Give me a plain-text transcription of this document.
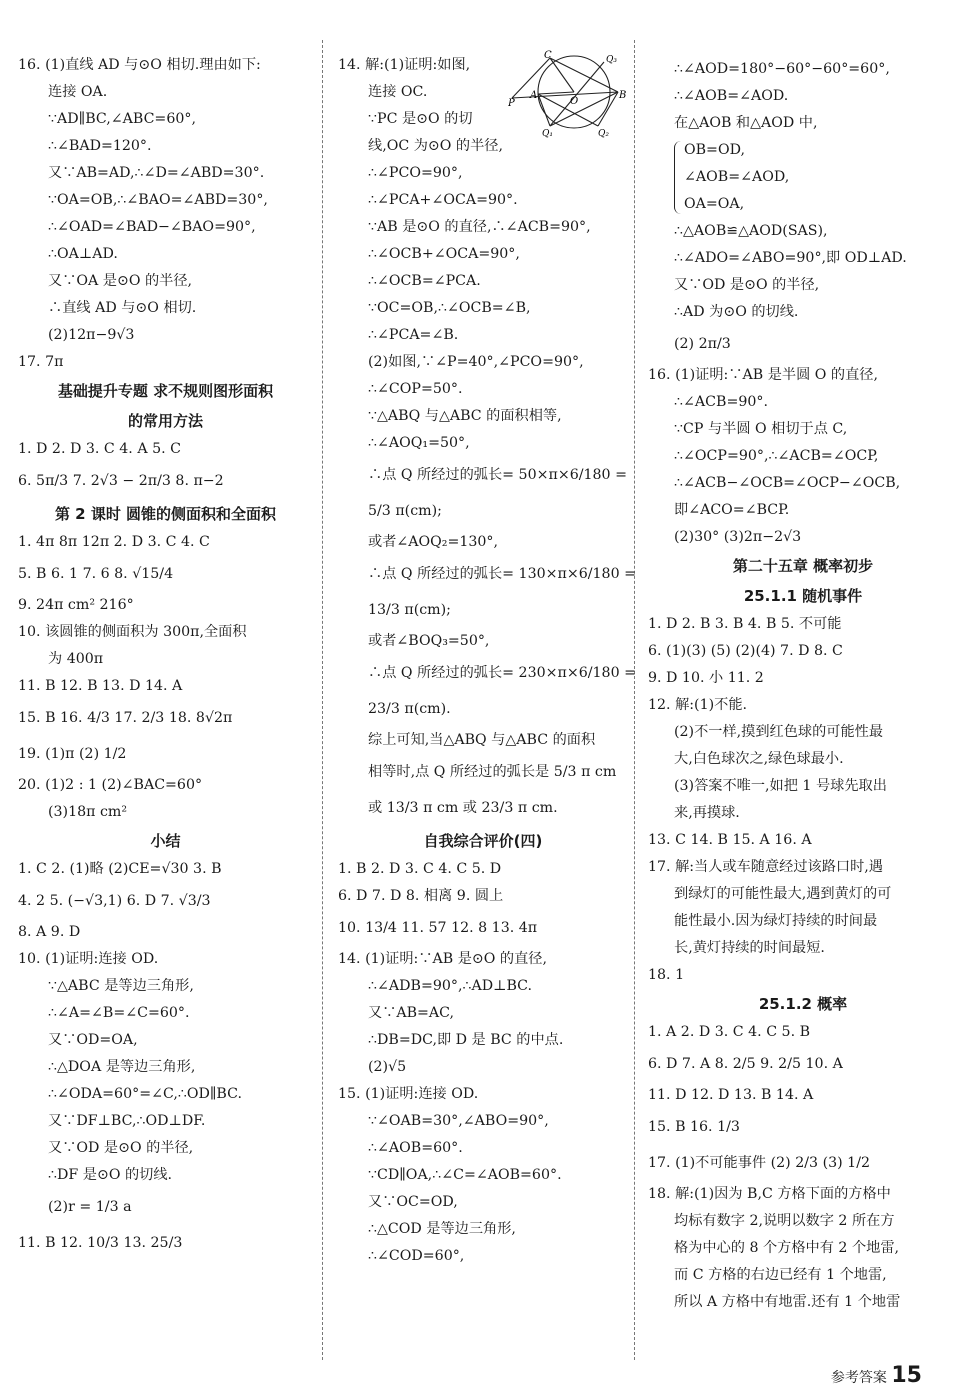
16. (1)直线 AD 与⊙O 相切.理由如下:
连接 OA.
∵AD∥BC,∠ABC=60°,
∴∠BAD=120°.
又∵AB=AD,∴∠D=∠ABD=30°.
∵OA=OB,∴∠BAO=∠ABD=30°,
∴∠OAD=∠BAD−∠BAO=90°,
∴OA⊥AD.
又∵OA 是⊙O 的半径,
∴直线 AD 与⊙O 相切.
(2)12π−9√3
17. 7π
基础提升专题 求不规则图形面积
的常用方法
1. D 2. D 3. C 4. A 5. C
6. 5π/3 7. 2√3 − 2π/3 8. π−2
第 2 课时 圆锥的侧面积和全面积
1. 4π 8π 12π 2. D 3. C 4. C
5. B 6. 1 7. 6 8. √15/4
9. 24π cm² 216°
10. 该圆锥的侧面积为 300π,全面积
为 400π
11. B 12. B 13. D 14. A
15. B 16. 4/3 17. 2/3 18. 8√2π
19. (1)π (2) 1/2
20. (1)2 : 1 (2)∠BAC=60°
(3)18π cm²
小结
1. C 2. (1)略 (2)CE=√30 3. B
4. 2 5. (−√3,1) 6. D 7. √3/3
8. A 9. D
10. (1)证明:连接 OD.
∵△ABC 是等边三角形,
∴∠A=∠B=∠C=60°.
又∵OD=OA,
∴△DOA 是等边三角形,
∴∠ODA=60°=∠C,∴OD∥BC.
又∵DF⊥BC,∴OD⊥DF.
又∵OD 是⊙O 的半径,
∴DF 是⊙O 的切线.
(2)r = 1/3 a
11. B 12. 10/3 13. 25/3
C	Q₃
P
A
O
B
Q₁	Q₂
14. 解:(1)证明:如图,
连接 OC.
∵PC 是⊙O 的切
线,OC 为⊙O 的半径,
∴∠PCO=90°,
∴∠PCA+∠OCA=90°.
∵AB 是⊙O 的直径,∴∠ACB=90°,
∴∠OCB+∠OCA=90°,
∴∠OCB=∠PCA.
∵OC=OB,∴∠OCB=∠B,
∴∠PCA=∠B.
(2)如图,∵∠P=40°,∠PCO=90°,
∴∠COP=50°.
∵△ABQ 与△ABC 的面积相等,
∴∠AOQ₁=50°,
∴点 Q 所经过的弧长= 50×π×6/180 =
5/3 π(cm);
或者∠AOQ₂=130°,
∴点 Q 所经过的弧长= 130×π×6/180 =
13/3 π(cm);
或者∠BOQ₃=50°,
∴点 Q 所经过的弧长= 230×π×6/180 =
23/3 π(cm).
综上可知,当△ABQ 与△ABC 的面积
相等时,点 Q 所经过的弧长是 5/3 π cm
或 13/3 π cm 或 23/3 π cm.
自我综合评价(四)
1. B 2. D 3. C 4. C 5. D
6. D 7. D 8. 相离 9. 圆上
10. 13/4 11. 57 12. 8 13. 4π
14. (1)证明:∵AB 是⊙O 的直径,
∴∠ADB=90°,∴AD⊥BC.
又∵AB=AC,
∴DB=DC,即 D 是 BC 的中点.
(2)√5
15. (1)证明:连接 OD.
∵∠OAB=30°,∠ABO=90°,
∴∠AOB=60°.
∵CD∥OA,∴∠C=∠AOB=60°.
又∵OC=OD,
∴△COD 是等边三角形,
∴∠COD=60°,
∴∠AOD=180°−60°−60°=60°,
∴∠AOB=∠AOD.
在△AOB 和△AOD 中,
OB=OD,
∠AOB=∠AOD,
OA=OA,
∴△AOB≌△AOD(SAS),
∴∠ADO=∠ABO=90°,即 OD⊥AD.
又∵OD 是⊙O 的半径,
∴AD 为⊙O 的切线.
(2) 2π/3
16. (1)证明:∵AB 是半圆 O 的直径,
∴∠ACB=90°.
∵CP 与半圆 O 相切于点 C,
∴∠OCP=90°,∴∠ACB=∠OCP,
∴∠ACB−∠OCB=∠OCP−∠OCB,
即∠ACO=∠BCP.
(2)30° (3)2π−2√3
第二十五章 概率初步
25.1.1 随机事件
1. D 2. B 3. B 4. B 5. 不可能
6. (1)(3) (5) (2)(4) 7. D 8. C
9. D 10. 小 11. 2
12. 解:(1)不能.
(2)不一样,摸到红色球的可能性最
大,白色球次之,绿色球最小.
(3)答案不唯一,如把 1 号球先取出
来,再摸球.
13. C 14. B 15. A 16. A
17. 解:当人或车随意经过该路口时,遇
到绿灯的可能性最大,遇到黄灯的可
能性最小.因为绿灯持续的时间最
长,黄灯持续的时间最短.
18. 1
25.1.2 概率
1. A 2. D 3. C 4. C 5. B
6. D 7. A 8. 2/5 9. 2/5 10. A
11. D 12. D 13. B 14. A
15. B 16. 1/3
17. (1)不可能事件 (2) 2/3 (3) 1/2
18. 解:(1)因为 B,C 方格下面的方格中
均标有数字 2,说明以数字 2 所在方
格为中心的 8 个方格中有 2 个地雷,
而 C 方格的右边已经有 1 个地雷,
所以 A 方格中有地雷.还有 1 个地雷
参考答案 15
